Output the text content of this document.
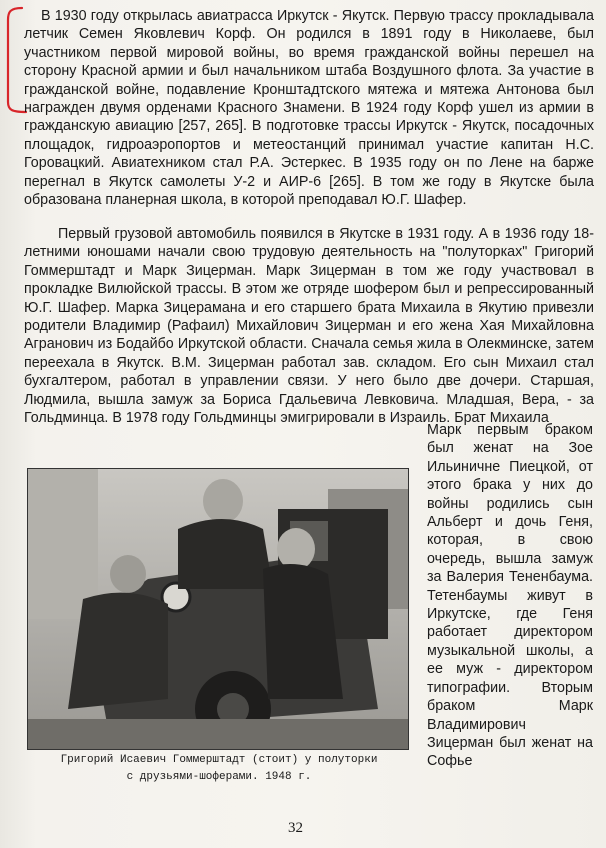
В 1930 году открылась авиатрасса Иркутск - Якутск. Первую трассу прокладывала летчик Семен Яковлевич Корф. Он родился в 1891 году в Николаеве, был участником первой мировой войны, во время гражданской войны перешел на сторону Красной армии и был начальником штаба Воздушного флота. За участие в гражданской войне, подавление Кронштадтского мятежа и мятежа Антонова был награжден двумя орденами Красного Знамени. В 1924 году Корф ушел из армии в гражданскую авиацию [257, 265]. В подготовке трассы Иркутск - Якутск, посадочных площадок, гидроаэропортов и метеостанций принимал участие капитан Н.С. Горовацкий. Авиатехником стал Р.А. Эстеркес. В 1935 году он по Лене на барже перегнал в Якутск самолеты У-2 и АИР-6 [265]. В том же году в Якутске была образована планерная школа, в которой преподавал Ю.Г. Шафер.

Первый грузовой автомобиль появился в Якутске в 1931 году. А в 1936 году 18-летними юношами начали свою трудовую деятельность на "полуторках" Григорий Гоммерштадт и Марк Зицерман. Марк Зицерман в том же году участвовал в прокладке Вилюйской трассы. В этом же отряде шофером был и репрессированный Ю.Г. Шафер. Марка Зицерамана и его старшего брата Михаила в Якутию привезли родители Владимир (Рафаил) Михайлович Зицерман и его жена Хая Михайловна Агранович из Бодайбо Иркутской области. Сначала семья жила в Олекминске, затем переехала в Якутск. В.М. Зицерман работал зав. складом. Его сын Михаил стал бухгалтером, работал в управлении связи. У него было две дочери. Старшая, Людмила, вышла замуж за Бориса Гдальевича Левковича. Младшая, Вера, - за Гольдминца. В 1978 году Гольдминцы эмигрировали в Израиль. Брат Михаила

Марк первым браком был женат на Зое Ильиничне Пиецкой, от этого брака у них до войны родились сын Альберт и дочь Геня, которая, в свою очередь, вышла замуж за Валерия Тененбаума. Тетенбаумы живут в Иркутске, где Геня работает директором музыкальной школы, а ее муж - директором типографии. Вторым браком Марк Владимирович Зицерман был женат на Софье

Григорий Исаевич Гоммерштадт (стоит) у полуторки
с друзьями-шоферами. 1948 г.
32
